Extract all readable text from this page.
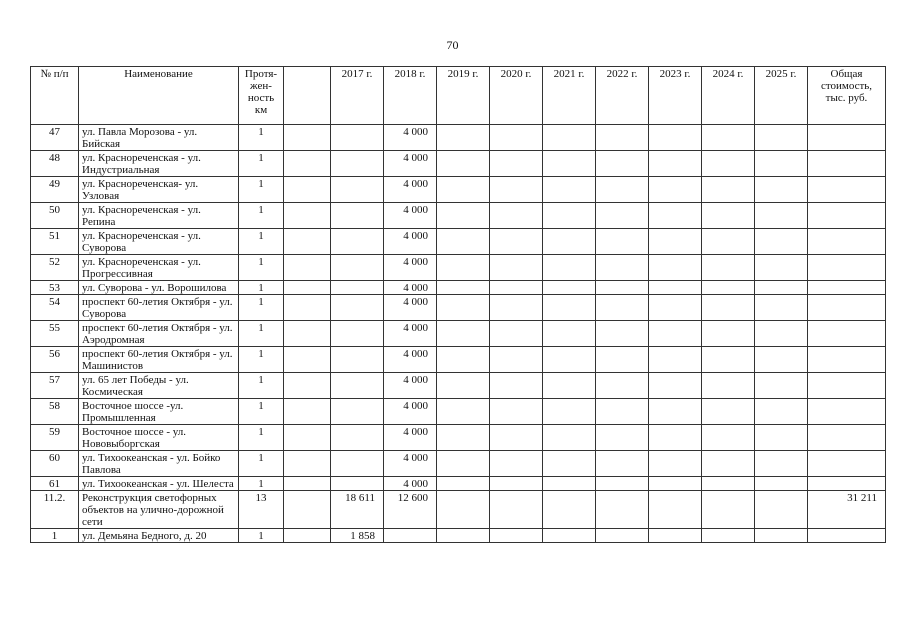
70
№ п/п	Наименование	Протя-
жен-
ность
км		2017 г.	2018 г.	2019 г.	2020 г.	2021 г.	2022 г.	2023 г.	2024 г.	2025 г.	Общая стоимость, тыс. руб.
47	ул. Павла Морозова - ул. Бийская	1			4 000								
48	ул. Краснореченская - ул. Индустриальная	1			4 000								
49	ул. Краснореченская- ул. Узловая	1			4 000								
50	ул. Краснореченская - ул. Репина	1			4 000								
51	ул. Краснореченская - ул. Суворова	1			4 000								
52	ул. Краснореченская - ул. Прогрессивная	1			4 000								
53	ул. Суворова - ул. Ворошилова	1			4 000								
54	проспект 60-летия Октября - ул. Суворова	1			4 000								
55	проспект 60-летия Октября - ул. Аэродромная	1			4 000								
56	проспект 60-летия Октября - ул. Машинистов	1			4 000								
57	ул. 65 лет Победы - ул. Космическая	1			4 000								
58	Восточное шоссе -ул. Промышленная	1			4 000								
59	Восточное шоссе - ул. Нововыборгская	1			4 000								
60	ул. Тихоокеанская - ул. Бойко Павлова	1			4 000								
61	ул. Тихоокеанская - ул. Шелеста	1			4 000								
11.2.	Реконструкция светофорных объектов на улично-дорожной сети	13		18 611	12 600								31 211
1	ул. Демьяна Бедного, д. 20	1		1 858									
